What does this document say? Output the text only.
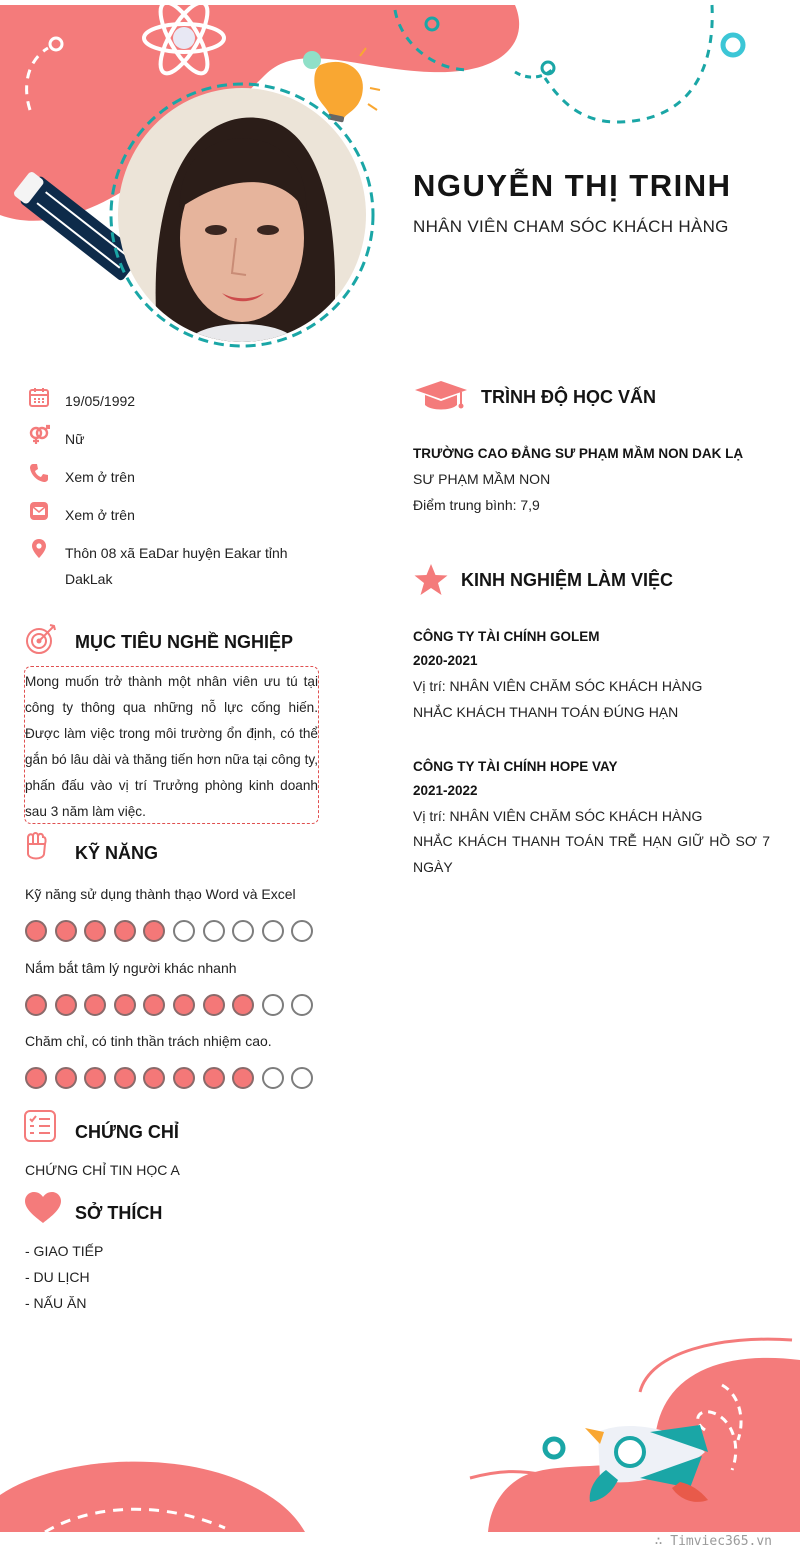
NGUYỄN THỊ TRINH
NHÂN VIÊN CHAM SÓC KHÁCH HÀNG
19/05/1992
Nữ
Xem ở trên
Xem ở trên
Thôn 08 xã EaDar huyện Eakar tỉnh DakLak
MỤC TIÊU NGHỀ NGHIỆP
Mong muốn trở thành một nhân viên ưu tú tại công ty thông qua những nỗ lực cống hiến. Được làm việc trong môi trường ổn định, có thể gắn bó lâu dài và thăng tiến hơn nữa tại công ty, phấn đấu vào vị trí Trưởng phòng kinh doanh sau 3 năm làm việc.
KỸ NĂNG
Kỹ năng sử dụng thành thạo Word và Excel
Nắm bắt tâm lý người khác nhanh
Chăm chỉ, có tinh thần trách nhiệm cao.
CHỨNG CHỈ
CHỨNG CHỈ TIN HỌC A
SỞ THÍCH
- GIAO TIẾP
- DU LỊCH
- NẤU ĂN
TRÌNH ĐỘ HỌC VẤN
TRƯỜNG CAO ĐẲNG SƯ PHẠM MẦM NON DAK LẠ
SƯ PHẠM MẦM NON
Điểm trung bình: 7,9
KINH NGHIỆM LÀM VIỆC
CÔNG TY TÀI CHÍNH GOLEM
2020-2021
Vị trí: NHÂN VIÊN CHĂM SÓC KHÁCH HÀNG
NHẮC KHÁCH THANH TOÁN ĐÚNG HẠN
CÔNG TY TÀI CHÍNH HOPE VAY
2021-2022
Vị trí: NHÂN VIÊN CHĂM SÓC KHÁCH HÀNG
NHẮC KHÁCH THANH TOÁN TRỄ HẠN GIỮ HỒ SƠ 7 NGÀY
∴ Timviec365.vn
